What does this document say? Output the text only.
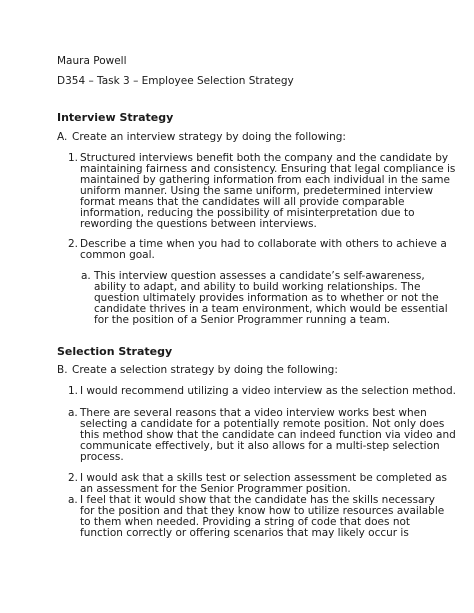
Maura Powell
D354 – Task 3 – Employee Selection Strategy
Interview Strategy
A. Create an interview strategy by doing the following:
1. Structured interviews benefit both the company and the candidate by
maintaining fairness and consistency. Ensuring that legal compliance is
maintained by gathering information from each individual in the same
uniform manner. Using the same uniform, predetermined interview
format means that the candidates will all provide comparable
information, reducing the possibility of misinterpretation due to
rewording the questions between interviews.
2. Describe a time when you had to collaborate with others to achieve a
common goal.
a. This interview question assesses a candidate’s self-awareness,
ability to adapt, and ability to build working relationships. The
question ultimately provides information as to whether or not the
candidate thrives in a team environment, which would be essential
for the position of a Senior Programmer running a team.
Selection Strategy
B. Create a selection strategy by doing the following:
1. I would recommend utilizing a video interview as the selection method.
a. There are several reasons that a video interview works best when
selecting a candidate for a potentially remote position. Not only does
this method show that the candidate can indeed function via video and
communicate effectively, but it also allows for a multi-step selection
process.
2. I would ask that a skills test or selection assessment be completed as
an assessment for the Senior Programmer position.
a. I feel that it would show that the candidate has the skills necessary
for the position and that they know how to utilize resources available
to them when needed. Providing a string of code that does not
function correctly or offering scenarios that may likely occur is
